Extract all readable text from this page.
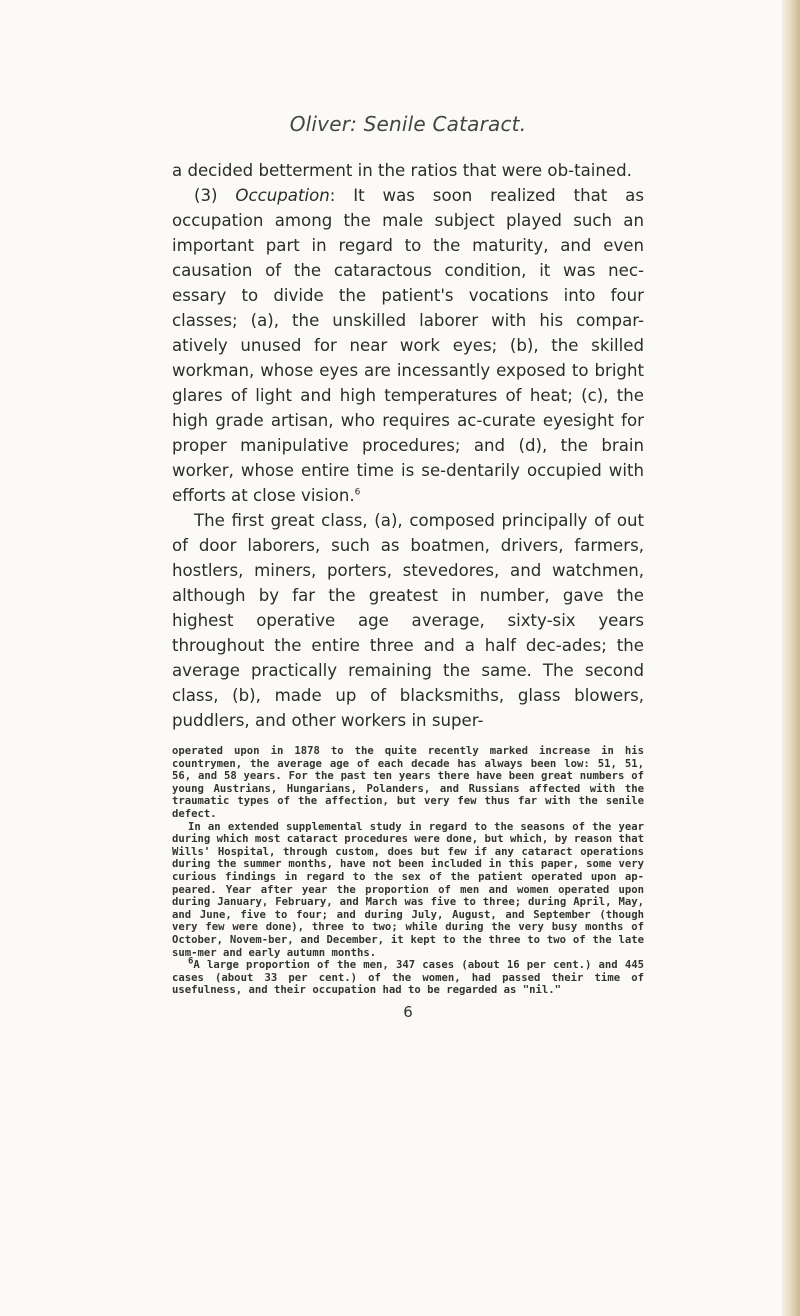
Oliver: Senile Cataract.

a decided betterment in the ratios that were ob-tained.

(3) Occupation: It was soon realized that as occupation among the male subject played such an important part in regard to the maturity, and even causation of the cataractous condition, it was nec-essary to divide the patient's vocations into four classes; (a), the unskilled laborer with his compar-atively unused for near work eyes; (b), the skilled workman, whose eyes are incessantly exposed to bright glares of light and high temperatures of heat; (c), the high grade artisan, who requires ac-curate eyesight for proper manipulative procedures; and (d), the brain worker, whose entire time is se-dentarily occupied with efforts at close vision.$^6$

The first great class, (a), composed principally of out of door laborers, such as boatmen, drivers, farmers, hostlers, miners, porters, stevedores, and watchmen, although by far the greatest in number, gave the highest operative age average, sixty-six years throughout the entire three and a half dec-ades; the average practically remaining the same. The second class, (b), made up of blacksmiths, glass blowers, puddlers, and other workers in super-

operated upon in 1878 to the quite recently marked increase in his countrymen, the average age of each decade has always been low: 51, 51, 56, and 58 years. For the past ten years there have been great numbers of young Austrians, Hungarians, Polanders, and Russians affected with the traumatic types of the affection, but very few thus far with the senile defect.

In an extended supplemental study in regard to the seasons of the year during which most cataract procedures were done, but which, by reason that Wills' Hospital, through custom, does but few if any cataract operations during the summer months, have not been included in this paper, some very curious findings in regard to the sex of the patient operated upon ap-peared. Year after year the proportion of men and women operated upon during January, February, and March was five to three; during April, May, and June, five to four; and during July, August, and September (though very few were done), three to two; while during the very busy months of October, Novem-ber, and December, it kept to the three to two of the late sum-mer and early autumn months.

$^6$A large proportion of the men, 347 cases (about 16 per cent.) and 445 cases (about 33 per cent.) of the women, had passed their time of usefulness, and their occupation had to be regarded as "nil."

6
